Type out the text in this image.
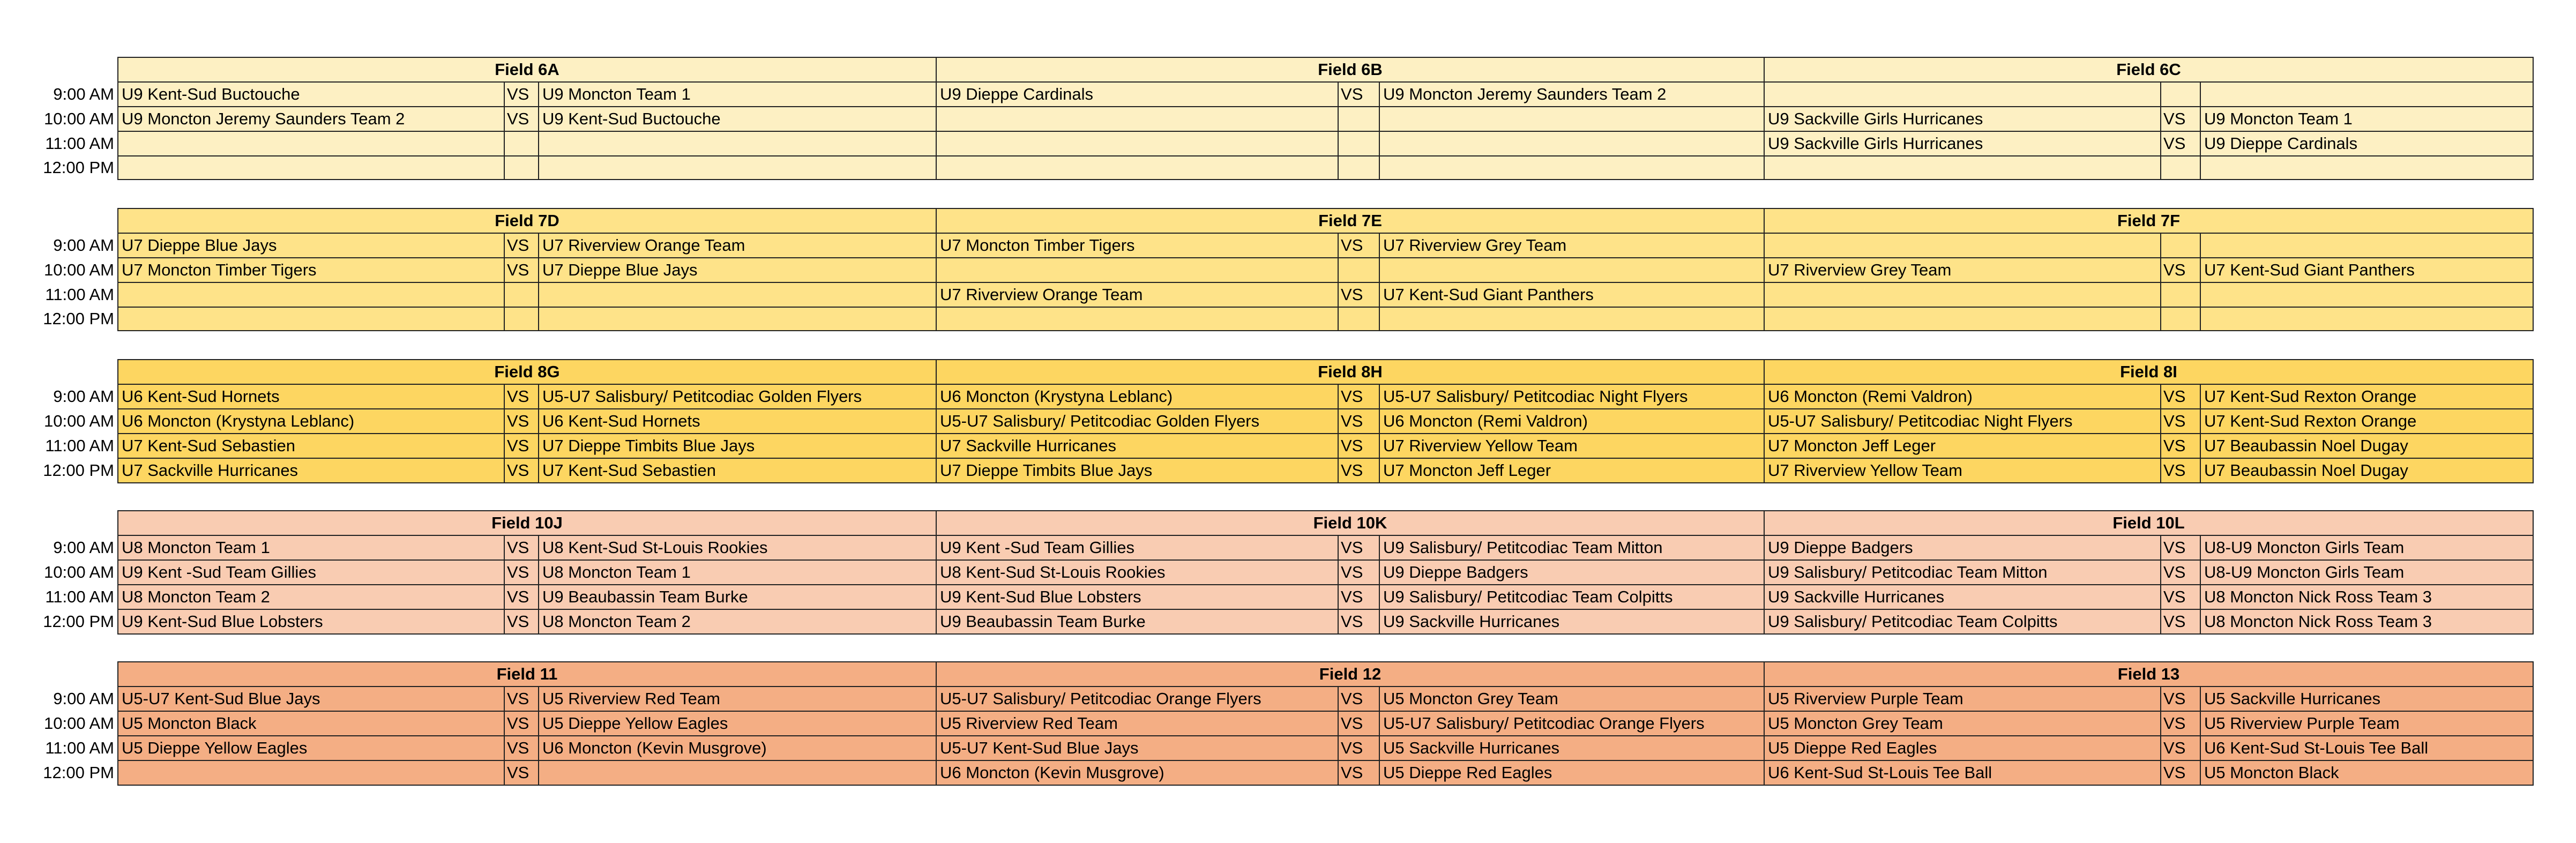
	Field 6A			Field 6B			Field 6C		
9:00 AM	U9 Kent-Sud Buctouche	VS	U9 Moncton Team 1	U9 Dieppe Cardinals	VS	U9 Moncton Jeremy Saunders Team 2			
10:00 AM	U9 Moncton Jeremy Saunders Team 2	VS	U9 Kent-Sud Buctouche				U9 Sackville Girls Hurricanes	VS	U9 Moncton Team 1
11:00 AM							U9 Sackville Girls Hurricanes	VS	U9 Dieppe Cardinals
12:00 PM									
	Field 7D			Field 7E			Field 7F		
9:00 AM	U7 Dieppe Blue Jays	VS	U7 Riverview Orange Team	U7 Moncton Timber Tigers	VS	U7 Riverview Grey Team			
10:00 AM	U7 Moncton Timber Tigers	VS	U7 Dieppe Blue Jays				U7 Riverview Grey Team	VS	U7 Kent-Sud Giant Panthers
11:00 AM				U7 Riverview Orange Team	VS	U7 Kent-Sud Giant Panthers			
12:00 PM									
	Field 8G			Field 8H			Field 8I		
9:00 AM	U6 Kent-Sud Hornets	VS	U5-U7 Salisbury/ Petitcodiac Golden Flyers	U6 Moncton (Krystyna Leblanc)	VS	U5-U7 Salisbury/ Petitcodiac Night Flyers	U6 Moncton (Remi Valdron)	VS	U7 Kent-Sud Rexton Orange
10:00 AM	U6 Moncton (Krystyna Leblanc)	VS	U6 Kent-Sud Hornets	U5-U7 Salisbury/ Petitcodiac Golden Flyers	VS	U6 Moncton (Remi Valdron)	U5-U7 Salisbury/ Petitcodiac Night Flyers	VS	U7 Kent-Sud Rexton Orange
11:00 AM	U7 Kent-Sud Sebastien	VS	U7 Dieppe Timbits Blue Jays	U7 Sackville Hurricanes	VS	U7 Riverview Yellow Team	U7 Moncton Jeff Leger	VS	U7 Beaubassin Noel Dugay
12:00 PM	U7 Sackville Hurricanes	VS	U7 Kent-Sud Sebastien	U7 Dieppe Timbits Blue Jays	VS	U7 Moncton Jeff Leger	U7 Riverview Yellow Team	VS	U7 Beaubassin Noel Dugay
	Field 10J			Field 10K			Field 10L		
9:00 AM	U8 Moncton Team 1	VS	U8 Kent-Sud St-Louis Rookies	U9 Kent -Sud Team Gillies	VS	U9 Salisbury/ Petitcodiac Team Mitton	U9 Dieppe Badgers	VS	U8-U9 Moncton Girls Team
10:00 AM	U9 Kent -Sud Team Gillies	VS	U8 Moncton Team 1	U8 Kent-Sud St-Louis Rookies	VS	U9 Dieppe Badgers	U9 Salisbury/ Petitcodiac Team Mitton	VS	U8-U9 Moncton Girls Team
11:00 AM	U8 Moncton Team 2	VS	U9 Beaubassin Team Burke	U9 Kent-Sud Blue Lobsters	VS	U9 Salisbury/ Petitcodiac Team Colpitts	U9 Sackville Hurricanes	VS	U8 Moncton Nick Ross Team 3
12:00 PM	U9 Kent-Sud Blue Lobsters	VS	U8 Moncton Team 2	U9 Beaubassin Team Burke	VS	U9 Sackville Hurricanes	U9 Salisbury/ Petitcodiac Team Colpitts	VS	U8 Moncton Nick Ross Team 3
	Field 11			Field 12			Field 13		
9:00 AM	U5-U7 Kent-Sud Blue Jays	VS	U5 Riverview Red Team	U5-U7 Salisbury/ Petitcodiac Orange Flyers	VS	U5 Moncton Grey Team	U5 Riverview Purple Team	VS	U5 Sackville Hurricanes
10:00 AM	U5 Moncton Black	VS	U5 Dieppe Yellow Eagles	U5 Riverview Red Team	VS	U5-U7 Salisbury/ Petitcodiac Orange Flyers	U5 Moncton Grey Team	VS	U5 Riverview Purple Team
11:00 AM	U5 Dieppe Yellow Eagles	VS	U6 Moncton (Kevin Musgrove)	U5-U7 Kent-Sud Blue Jays	VS	U5 Sackville Hurricanes	U5 Dieppe Red Eagles	VS	U6 Kent-Sud St-Louis Tee Ball
12:00 PM		VS		U6 Moncton (Kevin Musgrove)	VS	U5 Dieppe Red Eagles	U6 Kent-Sud St-Louis Tee Ball	VS	U5 Moncton Black
